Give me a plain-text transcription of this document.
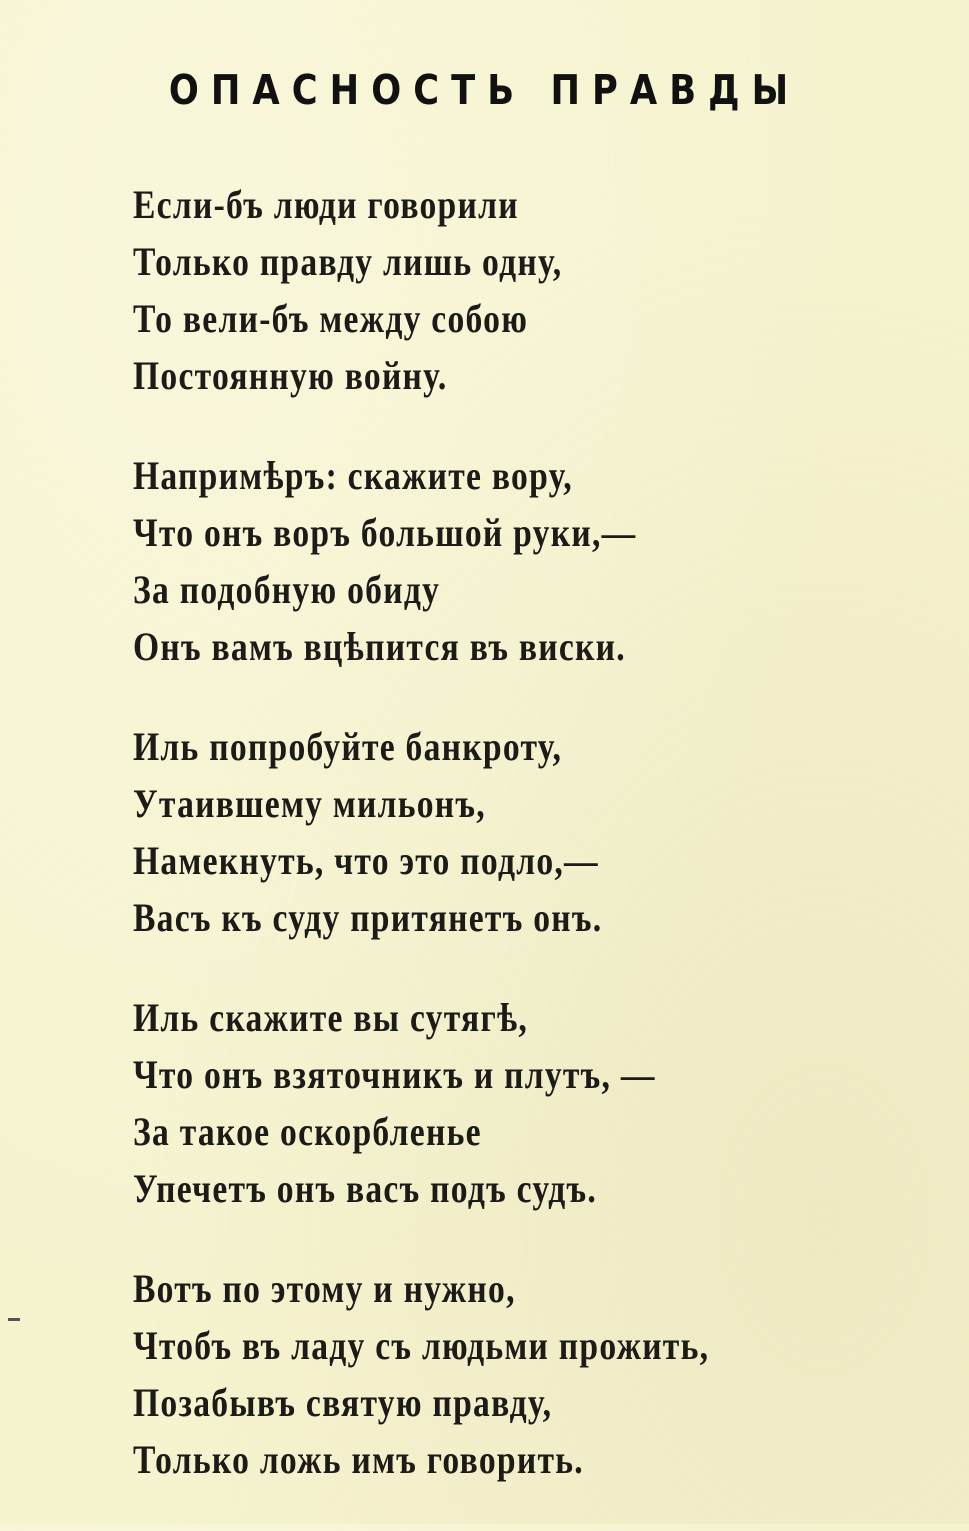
ОПАСНОСТЬ ПРАВДЫ
Если-бъ люди говорили
Только правду лишь одну,
То вели-бъ между собою
Постоянную войну.
Напримѣръ: скажите вору,
Что онъ воръ большой руки,—
За подобную обиду
Онъ вамъ вцѣпится въ виски.
Иль попробуйте банкроту,
Утаившему мильонъ,
Намекнуть, что это подло,—
Васъ къ суду притянетъ онъ.
Иль скажите вы сутягѣ,
Что онъ взяточникъ и плутъ, —
За такое оскорбленье
Упечетъ онъ васъ подъ судъ.
Вотъ по этому и нужно,
Чтобъ въ ладу съ людьми прожить,
Позабывъ святую правду,
Только ложь имъ говорить.
